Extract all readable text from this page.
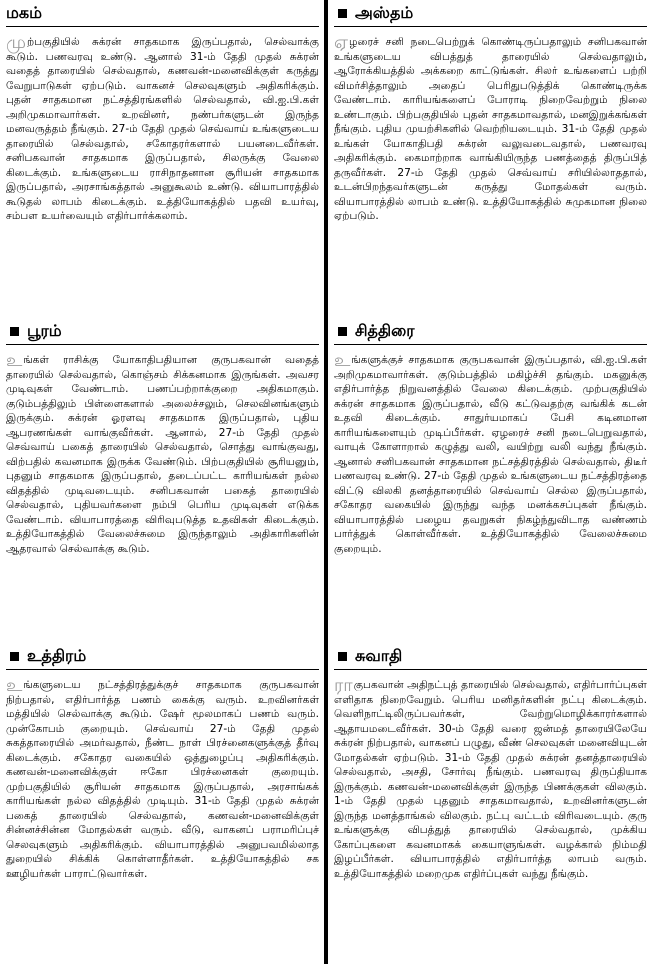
மகம்
மு ற்பகுதியில் சுக்ரன் சாதகமாக இருப்பதால், செல்வாக்கு கூடும். பணவரவு உண்டு. ஆனால் 31-ம் தேதி முதல் சுக்ரன் வதைத் தாரையில் செல்வதால், கணவன்-மனைவிக்குள் கருத்து வேறுபாடுகள் ஏற்படும். வாகனச் செலவுகளும் அதிகரிக்கும். புதன் சாதகமான நட்சத்திரங்களில் செல்வதால், வி.ஐ.பி.கள் அறிமுகமாவார்கள். உறவினர், நண்பர்களுடன் இருந்த மனவருத்தம் நீங்கும். 27-ம் தேதி முதல் செவ்வாய் உங்களுடைய தாரையில் செல்வதால், சகோதரர்களால் பயனடைவீர்கள். சனிபகவான் சாதகமாக இருப்பதால், சிலருக்கு வேலை கிடைக்கும். உங்களுடைய ராசிநாதனான சூரியன் சாதகமாக இருப்பதால், அரசாங்கத்தால் அனுகூலம் உண்டு. வியாபாரத்தில் கூடுதல் லாபம் கிடைக்கும். உத்தியோகத்தில் பதவி உயர்வு, சம்பள உயர்வையும் எதிர்பார்க்கலாம்.
பூரம்
உ ங்கள் ராசிக்கு யோகாதிபதியான குருபகவான் வதைத் தாரையில் செல்வதால், கொஞ்சம் சிக்கனமாக இருங்கள். அவசர முடிவுகள் வேண்டாம். பணப்பற்றாக்குறை அதிகமாகும். குடும்பத்திலும் பிள்ளைகளால் அலைச்சலும், செலவினங்களும் இருக்கும். சுக்ரன் ஓரளவு சாதகமாக இருப்பதால், புதிய ஆபரணங்கள் வாங்குவீர்கள். ஆனால், 27-ம் தேதி முதல் செவ்வாய் பகைத் தாரையில் செல்வதால், சொத்து வாங்குவது, விற்பதில் கவனமாக இருக்க வேண்டும். பிற்பகுதியில் சூரியனும், புதனும் சாதகமாக இருப்பதால், தடைப்பட்ட காரியங்கள் நல்ல விதத்தில் முடிவடையும். சனிபகவான் பகைத் தாரையில் செல்வதால், புதியவர்களை நம்பி பெரிய முடிவுகள் எடுக்க வேண்டாம். வியாபாரத்தை விரிவுபடுத்த உதவிகள் கிடைக்கும். உத்தியோகத்தில் வேலைச்சுமை இருந்தாலும் அதிகாரிகளின் ஆதரவால் செல்வாக்கு கூடும்.
உத்திரம்
உ ங்களுடைய நட்சத்திரத்துக்குச் சாதகமாக குருபகவான் நிற்பதால், எதிர்பார்த்த பணம் கைக்கு வரும். உறவினர்கள் மத்தியில் செல்வாக்கு கூடும். ஷேர் மூலமாகப் பணம் வரும். முன்கோபம் குறையும். செவ்வாய் 27-ம் தேதி முதல் சுகத்தாரையில் அமர்வதால், நீண்ட நாள் பிரச்னைகளுக்குத் தீர்வு கிடைக்கும். சகோதர வகையில் ஒத்துழைப்பு அதிகரிக்கும். கணவன்-மனைவிக்குள் ஈகோ பிரச்னைகள் குறையும். முற்பகுதியில் சூரியன் சாதகமாக இருப்பதால், அரசாங்கக் காரியங்கள் நல்ல விதத்தில் முடியும். 31-ம் தேதி முதல் சுக்ரன் பகைத் தாரையில் செல்வதால், கணவன்-மனைவிக்குள் சின்னச்சின்ன மோதல்கள் வரும். வீடு, வாகனப் பராமரிப்புச் செலவுகளும் அதிகரிக்கும். வியாபாரத்தில் அனுபவமில்லாத துறையில் சிக்கிக் கொள்ளாதீர்கள். உத்தியோகத்தில் சக ஊழியர்கள் பாராட்டுவார்கள்.
அஸ்தம்
ஏ ழரைச் சனி நடைபெற்றுக் கொண்டிருப்பதாலும் சனிபகவான் உங்களுடைய விபத்துத் தாரையில் செல்வதாலும், ஆரோக்கியத்தில் அக்கறை காட்டுங்கள். சிலர் உங்களைப் பற்றி விமர்சித்தாலும் அதைப் பெரிதுபடுத்திக் கொண்டிருக்க வேண்டாம். காரியங்களைப் போராடி நிறைவேற்றும் நிலை உண்டாகும். பிற்பகுதியில் புதன் சாதகமாவதால், மனஇறுக்கங்கள் நீங்கும். புதிய முயற்சிகளில் வெற்றியடையும். 31-ம் தேதி முதல் உங்கள் யோகாதிபதி சுக்ரன் வலுவடைவதால், பணவரவு அதிகரிக்கும். கைமாற்றாக வாங்கியிருந்த பணத்தைத் திருப்பித் தருவீர்கள். 27-ம் தேதி முதல் செவ்வாய் சரியில்லாததால், உடன்பிறந்தவர்களுடன் கருத்து மோதல்கள் வரும். வியாபாரத்தில் லாபம் உண்டு. உத்தியோகத்தில் சுமுகமான நிலை ஏற்படும்.
சித்திரை
உ ங்களுக்குச் சாதகமாக குருபகவான் இருப்பதால், வி.ஐ.பி.கள் அறிமுகமாவார்கள். குடும்பத்தில் மகிழ்ச்சி தங்கும். மகனுக்கு எதிர்பார்த்த நிறுவனத்தில் வேலை கிடைக்கும். முற்பகுதியில் சுக்ரன் சாதகமாக இருப்பதால், வீடு கட்டுவதற்கு வங்கிக் கடன் உதவி கிடைக்கும். சாதுர்யமாகப் பேசி கடினமான காரியங்களையும் முடிப்பீர்கள். ஏழரைச் சனி நடைபெறுவதால், வாயுக் கோளாறால் கழுத்து வலி, வயிற்று வலி வந்து நீங்கும். ஆனால் சனிபகவான் சாதகமான நட்சத்திரத்தில் செல்வதால், திடீர் பணவரவு உண்டு. 27-ம் தேதி முதல் உங்களுடைய நட்சத்திரத்தை விட்டு விலகி தனத்தாரையில் செவ்வாய் செல்ல இருப்பதால், சகோதர வகையில் இருந்து வந்த மனக்கசப்புகள் நீங்கும். வியாபாரத்தில் பழைய தவறுகள் நிகழ்ந்துவிடாத வண்ணம் பார்த்துக் கொள்வீர்கள். உத்தியோகத்தில் வேலைச்சுமை குறையும்.
சுவாதி
ரா குபகவான் அதிநட்புத் தாரையில் செல்வதால், எதிர்பார்ப்புகள் எளிதாக நிறைவேறும். பெரிய மனிதர்களின் நட்பு கிடைக்கும். வெளிநாட்டிலிருப்பவர்கள், வேற்றுமொழிக்காரர்களால் ஆதாயமடைவீர்கள். 30-ம் தேதி வரை ஜன்மத் தாரையிலேயே சுக்ரன் நிற்பதால், வாகனப் பழுது, வீண் செலவுகள் மனைவியுடன் மோதல்கள் ஏற்படும். 31-ம் தேதி முதல் சுக்ரன் தனத்தாரையில் செல்வதால், அசதி, சோர்வு நீங்கும். பணவரவு திருப்தியாக இருக்கும். கணவன்-மனைவிக்குள் இருந்த பிணக்குகள் விலகும். 1-ம் தேதி முதல் புதனும் சாதகமாவதால், உறவினர்களுடன் இருந்த மனத்தாங்கல் விலகும். நட்பு வட்டம் விரிவடையும். குரு உங்களுக்கு விபத்துத் தாரையில் செல்வதால், முக்கிய கோப்புகளை கவனமாகக் கையாளுங்கள். வழக்கால் நிம்மதி இழப்பீர்கள். வியாபாரத்தில் எதிர்பார்த்த லாபம் வரும். உத்தியோகத்தில் மறைமுக எதிர்ப்புகள் வந்து நீங்கும்.
